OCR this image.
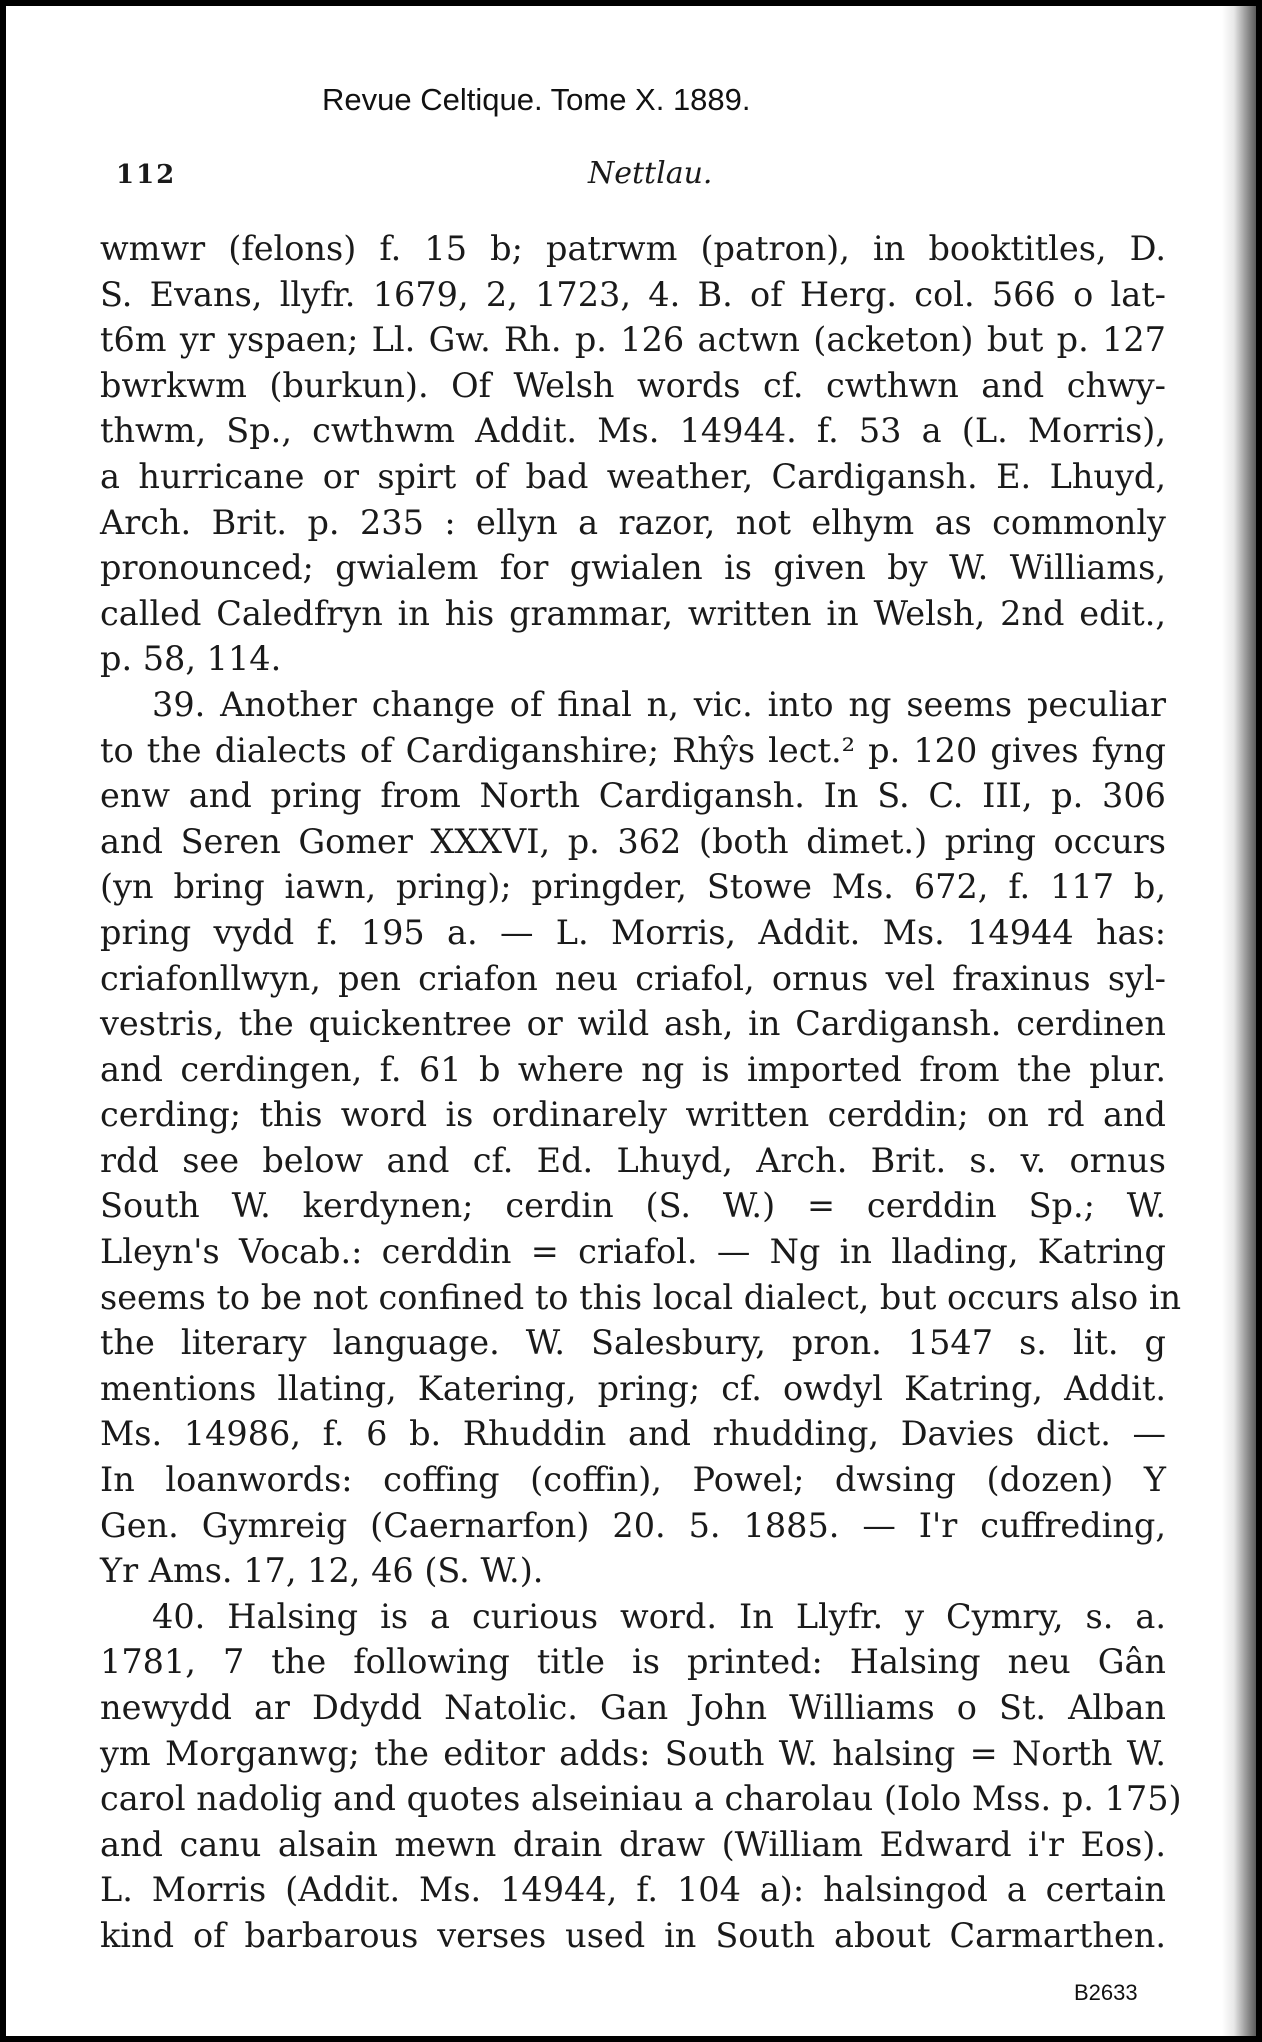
Revue Celtique. Tome X. 1889.
112	Nettlau.
wmwr (felons) f. 15 b; patrwm (patron), in booktitles, D.
S. Evans, llyfr. 1679, 2, 1723, 4. B. of Herg. col. 566 o lat-
t6m yr yspaen; Ll. Gw. Rh. p. 126 actwn (acketon) but p. 127
bwrkwm (burkun). Of Welsh words cf. cwthwn and chwy-
thwm, Sp., cwthwm Addit. Ms. 14944. f. 53 a (L. Morris),
a hurricane or spirt of bad weather, Cardigansh. E. Lhuyd,
Arch. Brit. p. 235 : ellyn a razor, not elhym as commonly
pronounced; gwialem for gwialen is given by W. Williams,
called Caledfryn in his grammar, written in Welsh, 2nd edit.,
p. 58, 114.
39. Another change of final n, vic. into ng seems peculiar
to the dialects of Cardiganshire; Rhŷs lect.² p. 120 gives fyng
enw and pring from North Cardigansh. In S. C. III, p. 306
and Seren Gomer XXXVI, p. 362 (both dimet.) pring occurs
(yn bring iawn, pring); pringder, Stowe Ms. 672, f. 117 b,
pring vydd f. 195 a. — L. Morris, Addit. Ms. 14944 has:
criafonllwyn, pen criafon neu criafol, ornus vel fraxinus syl-
vestris, the quickentree or wild ash, in Cardigansh. cerdinen
and cerdingen, f. 61 b where ng is imported from the plur.
cerding; this word is ordinarely written cerddin; on rd and
rdd see below and cf. Ed. Lhuyd, Arch. Brit. s. v. ornus
South W. kerdynen; cerdin (S. W.) = cerddin Sp.; W.
Lleyn's Vocab.: cerddin = criafol. — Ng in llading, Katring
seems to be not confined to this local dialect, but occurs also in
the literary language. W. Salesbury, pron. 1547 s. lit. g
mentions llating, Katering, pring; cf. owdyl Katring, Addit.
Ms. 14986, f. 6 b. Rhuddin and rhudding, Davies dict. —
In loanwords: coffing (coffin), Powel; dwsing (dozen) Y
Gen. Gymreig (Caernarfon) 20. 5. 1885. — I'r cuffreding,
Yr Ams. 17, 12, 46 (S. W.).
40. Halsing is a curious word. In Llyfr. y Cymry, s. a.
1781, 7 the following title is printed: Halsing neu Gân
newydd ar Ddydd Natolic. Gan John Williams o St. Alban
ym Morganwg; the editor adds: South W. halsing = North W.
carol nadolig and quotes alseiniau a charolau (Iolo Mss. p. 175)
and canu alsain mewn drain draw (William Edward i'r Eos).
L. Morris (Addit. Ms. 14944, f. 104 a): halsingod a certain
kind of barbarous verses used in South about Carmarthen.
B2633
